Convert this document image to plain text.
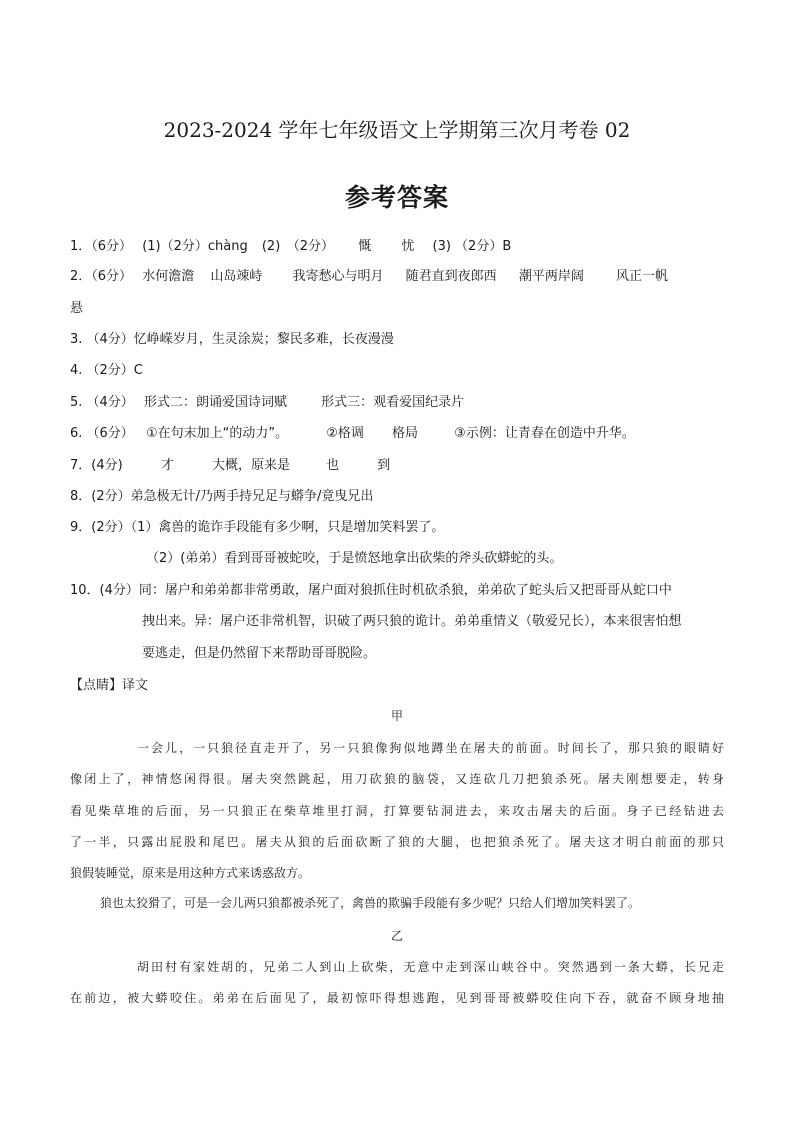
2023-2024 学年七年级语文上学期第三次月考卷 02
参考答案
1．（6分） (1)（2分）chàng (2)　（2分） 慨 忧 (3) （2分）B
2．（6分） 水何澹澹 山岛竦峙 我寄愁心与明月 随君直到夜郎西 潮平两岸阔 风正一帆
悬
3. （4分）忆峥嵘岁月，生灵涂炭；黎民多难，长夜漫漫
4. （2分）C
5. （4分） 形式二：朗诵爱国诗词赋	形式三：观看爱国纪录片
6. （6分） ①在句末加上“的动力”。	②格调 格局	③示例：让青春在创造中升华。
7．(4分)	才	大概，原来是	也	到
8．(2分）弟急极无计/乃两手持兄足与蟒争/竟曳兄出
9．(2分）（1）禽兽的诡诈手段能有多少啊，只是增加笑料罢了。
（2）(弟弟）看到哥哥被蛇咬，于是愤怒地拿出砍柴的斧头砍蟒蛇的头。
10．(4分）同：屠户和弟弟都非常勇敢，屠户面对狼抓住时机砍杀狼，弟弟砍了蛇头后又把哥哥从蛇口中
拽出来。异：屠户还非常机智，识破了两只狼的诡计。弟弟重情义（敬爱兄长），本来很害怕想
要逃走，但是仍然留下来帮助哥哥脱险。
【点睛】译文
甲
一会儿，一只狼径直走开了，另一只狼像狗似地蹲坐在屠夫的前面。时间长了，那只狼的眼睛好
像闭上了，神情悠闲得很。屠夫突然跳起，用刀砍狼的脑袋，又连砍几刀把狼杀死。屠夫刚想要走，转身
看见柴草堆的后面，另一只狼正在柴草堆里打洞，打算要钻洞进去，来攻击屠夫的后面。身子已经钻进去
了一半，只露出屁股和尾巴。屠夫从狼的后面砍断了狼的大腿，也把狼杀死了。屠夫这才明白前面的那只
狼假装睡觉，原来是用这种方式来诱惑敌方。
狼也太狡猾了，可是一会儿两只狼都被杀死了，禽兽的欺骗手段能有多少呢？只给人们增加笑料罢了。
乙
胡田村有家姓胡的，兄弟二人到山上砍柴，无意中走到深山峡谷中。突然遇到一条大蟒，长兄走
在前边，被大蟒咬住。弟弟在后面见了，最初惊吓得想逃跑，见到哥哥被蟒咬住向下吞，就奋不顾身地抽
